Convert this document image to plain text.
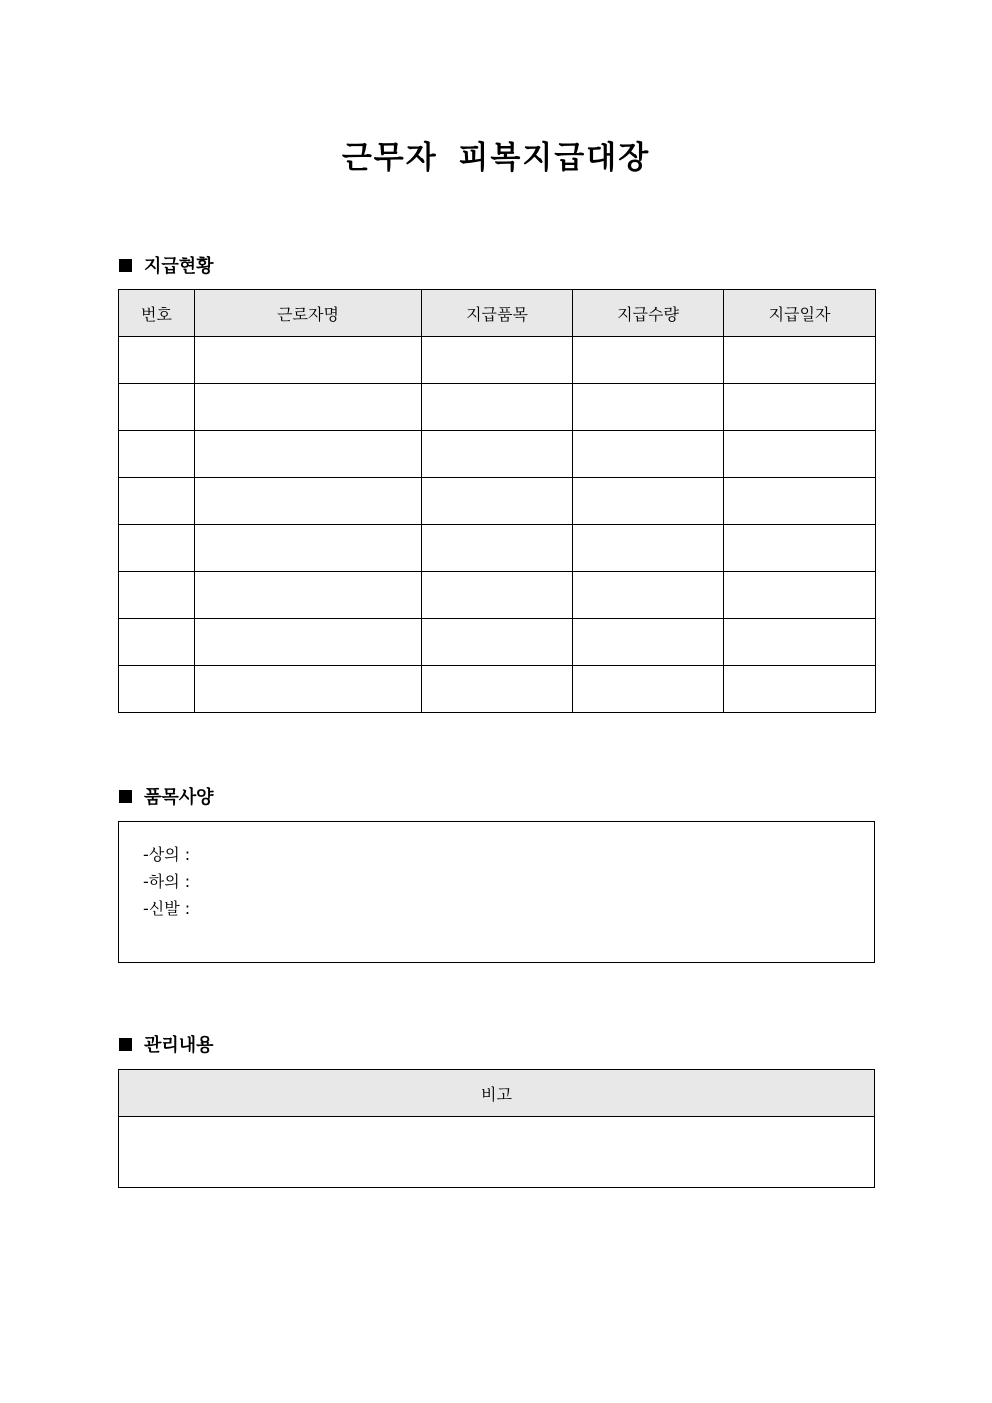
근무자 피복지급대장
지급현황
번호	근로자명	지급품목	지급수량	지급일자

품목사양
-상의 :
-하의 :
-신발 :
관리내용
비고
